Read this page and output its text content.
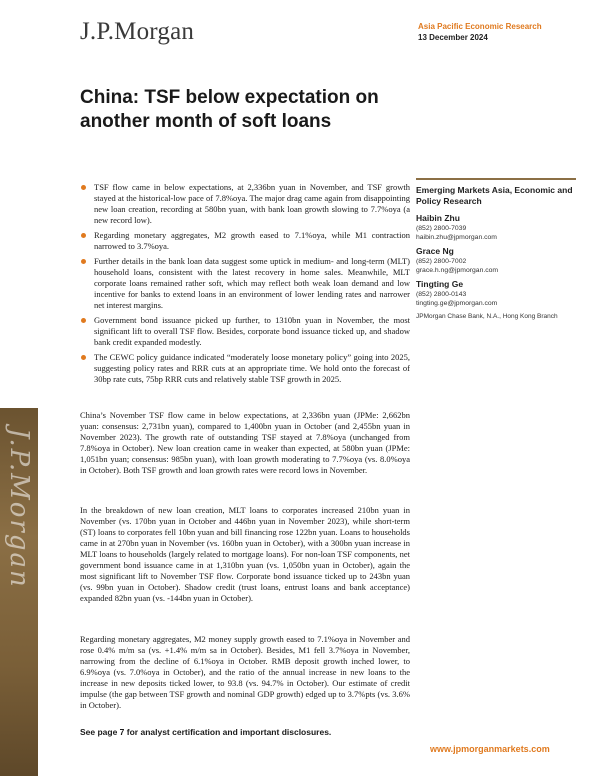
J.P.Morgan	Asia Pacific Economic Research
13 December 2024
J.P.Morgan
China: TSF below expectation on another month of soft loans
TSF flow came in below expectations, at 2,336bn yuan in November, and TSF growth stayed at the historical-low pace of 7.8%oya. The major drag came again from disappointing new loan creation, recording at 580bn yuan, with bank loan growth slowing to 7.7%oya (a new record low).
Regarding monetary aggregates, M2 growth eased to 7.1%oya, while M1 contraction narrowed to 3.7%oya.
Further details in the bank loan data suggest some uptick in medium- and long-term (MLT) household loans, consistent with the latest recovery in home sales. Meanwhile, MLT corporate loans remained rather soft, which may reflect both weak loan demand and low incentive for banks to extend loans in an environment of lower lending rates and narrower net interest margins.
Government bond issuance picked up further, to 1310bn yuan in November, the most significant lift to overall TSF flow. Besides, corporate bond issuance ticked up, and shadow bank credit expanded modestly.
The CEWC policy guidance indicated “moderately loose monetary policy” going into 2025, suggesting policy rates and RRR cuts at an appropriate time. We hold onto the forecast of 30bp rate cuts, 75bp RRR cuts and relatively stable TSF growth in 2025.

China’s November TSF flow came in below expectations, at 2,336bn yuan (JPMe: 2,662bn yuan: consensus: 2,731bn yuan), compared to 1,400bn yuan in October (and 2,455bn yuan in November 2023). The growth rate of outstanding TSF stayed at 7.8%oya (unchanged from 7.8%oya in October). New loan creation came in weaker than expected, at 580bn yuan (JPMe: 1,051bn yuan; consensus: 985bn yuan), with loan growth moderating to 7.7%oya (vs. 8.0%oya in October). Both TSF growth and loan growth rates were record lows in November.

In the breakdown of new loan creation, MLT loans to corporates increased 210bn yuan in November (vs. 170bn yuan in October and 446bn yuan in November 2023), while short-term (ST) loans to corporates fell 10bn yuan and bill financing rose 122bn yuan. Loans to households came in at 270bn yuan in November (vs. 160bn yuan in October), with a 300bn yuan increase in MLT loans to households (largely related to mortgage loans). For non-loan TSF components, net government bond issuance came in at 1,310bn yuan (vs. 1,050bn yuan in October), again the most significant lift to November TSF flow. Corporate bond issuance ticked up to 243bn yuan (vs. 99bn yuan in October). Shadow credit (trust loans, entrust loans and bank acceptance) expanded 82bn yuan (vs. -144bn yuan in October).

Regarding monetary aggregates, M2 money supply growth eased to 7.1%oya in November and rose 0.4% m/m sa (vs. +1.4% m/m sa in October). Besides, M1 fell 3.7%oya in November, narrowing from the decline of 6.1%oya in October. RMB deposit growth inched lower, to 6.9%oya (vs. 7.0%oya in October), and the ratio of the annual increase in new loans to the increase in new deposits ticked lower, to 93.8 (vs. 94.7% in October). Our estimate of credit impulse (the gap between TSF growth and nominal GDP growth) edged up to 3.7%pts (vs. 3.6% in October).

See page 7 for analyst certification and important disclosures.
www.jpmorganmarkets.com
Emerging Markets Asia, Economic and Policy Research
Haibin Zhu
(852) 2800-7039
haibin.zhu@jpmorgan.com
Grace Ng
(852) 2800-7002
grace.h.ng@jpmorgan.com
Tingting Ge
(852) 2800-0143
tingting.ge@jpmorgan.com
JPMorgan Chase Bank, N.A., Hong Kong Branch
